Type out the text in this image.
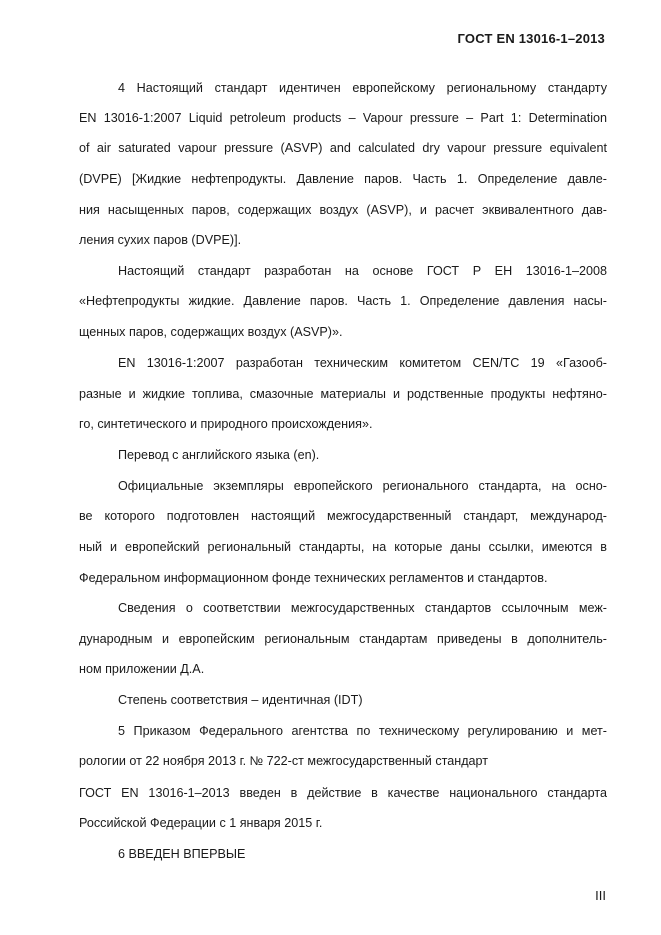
ГОСТ EN 13016-1–2013
4 Настоящий стандарт идентичен европейскому региональному стандарту
EN 13016-1:2007 Liquid petroleum products – Vapour pressure – Part 1: Determination
of air saturated vapour pressure (ASVP) and calculated dry vapour pressure equivalent
(DVPE) [Жидкие нефтепродукты. Давление паров. Часть 1. Определение давле-
ния насыщенных паров, содержащих воздух (ASVP), и расчет эквивалентного дав-
ления сухих паров (DVPE)].
Настоящий стандарт разработан на основе ГОСТ Р ЕН 13016-1–2008
«Нефтепродукты жидкие. Давление паров. Часть 1. Определение давления насы-
щенных паров, содержащих воздух (ASVP)».
EN 13016-1:2007 разработан техническим комитетом CEN/TC 19 «Газооб-
разные и жидкие топлива, смазочные материалы и родственные продукты нефтяно-
го, синтетического и природного происхождения».
Перевод с английского языка (en).
Официальные экземпляры европейского регионального стандарта, на осно-
ве которого подготовлен настоящий межгосударственный стандарт, международ-
ный и европейский региональный стандарты, на которые даны ссылки, имеются в
Федеральном информационном фонде технических регламентов и стандартов.
Сведения о соответствии межгосударственных стандартов ссылочным меж-
дународным и европейским региональным стандартам приведены в дополнитель-
ном приложении Д.А.
Степень соответствия – идентичная (IDT)
5 Приказом Федерального агентства по техническому регулированию и мет-
рологии от 22 ноября 2013 г. № 722-ст межгосударственный стандарт
ГОСТ EN 13016-1–2013 введен в действие в качестве национального стандарта
Российской Федерации с 1 января 2015 г.
6 ВВЕДЕН ВПЕРВЫЕ
III
